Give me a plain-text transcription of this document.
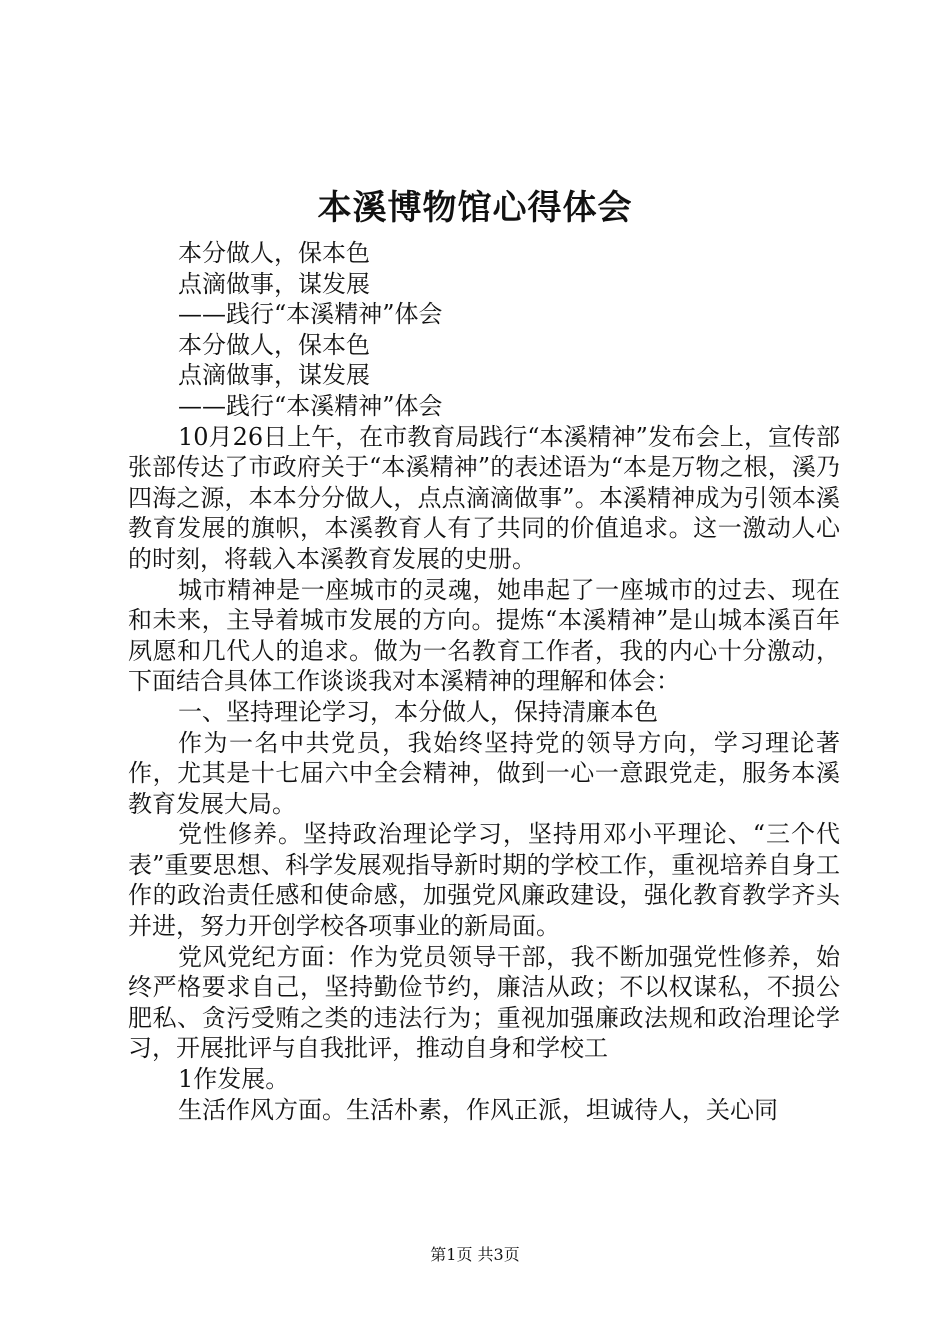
本溪博物馆心得体会

本分做人，保本色

点滴做事，谋发展

——践行“本溪精神”体会

本分做人，保本色

点滴做事，谋发展

——践行“本溪精神”体会

10月26日上午，在市教育局践行“本溪精神”发布会上，宣传部张部传达了市政府关于“本溪精神”的表述语为“本是万物之根，溪乃四海之源，本本分分做人，点点滴滴做事”。本溪精神成为引领本溪教育发展的旗帜，本溪教育人有了共同的价值追求。这一激动人心的时刻，将载入本溪教育发展的史册。

城市精神是一座城市的灵魂，她串起了一座城市的过去、现在和未来，主导着城市发展的方向。提炼“本溪精神”是山城本溪百年夙愿和几代人的追求。做为一名教育工作者，我的内心十分激动，下面结合具体工作谈谈我对本溪精神的理解和体会：

一、坚持理论学习，本分做人，保持清廉本色

作为一名中共党员，我始终坚持党的领导方向，学习理论著作，尤其是十七届六中全会精神，做到一心一意跟党走，服务本溪教育发展大局。

党性修养。坚持政治理论学习，坚持用邓小平理论、“三个代表”重要思想、科学发展观指导新时期的学校工作，重视培养自身工作的政治责任感和使命感，加强党风廉政建设，强化教育教学齐头并进，努力开创学校各项事业的新局面。

党风党纪方面：作为党员领导干部，我不断加强党性修养，始终严格要求自己，坚持勤俭节约，廉洁从政；不以权谋私，不损公肥私、贪污受贿之类的违法行为；重视加强廉政法规和政治理论学习，开展批评与自我批评，推动自身和学校工

1作发展。

生活作风方面。生活朴素，作风正派，坦诚待人，关心同

第1页 共3页
